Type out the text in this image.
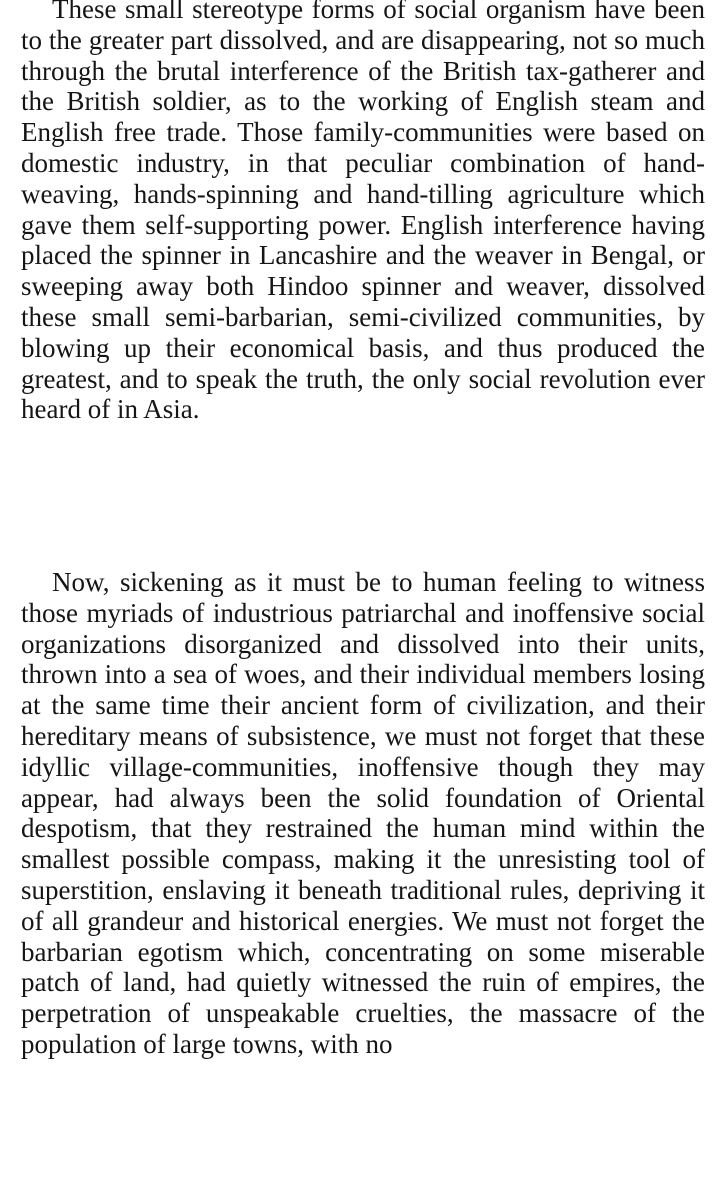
These small stereotype forms of social organism have been to the greater part dissolved, and are disappearing, not so much through the brutal interference of the British tax-gatherer and the British soldier, as to the working of English steam and English free trade. Those family-communities were based on domestic industry, in that peculiar combination of hand-weaving, hands-spinning and hand-tilling agriculture which gave them self-supporting power. English interference having placed the spinner in Lancashire and the weaver in Bengal, or sweeping away both Hindoo spinner and weaver, dissolved these small semi-barbarian, semi-civilized communities, by blowing up their economical basis, and thus produced the greatest, and to speak the truth, the only social revolution ever heard of in Asia.

Now, sickening as it must be to human feeling to witness those myriads of industrious patriarchal and inoffensive social organizations disorganized and dissolved into their units, thrown into a sea of woes, and their individual members losing at the same time their ancient form of civilization, and their hereditary means of subsistence, we must not forget that these idyllic village-communities, inoffensive though they may appear, had always been the solid foundation of Oriental despotism, that they restrained the human mind within the smallest possible compass, making it the unresisting tool of superstition, enslaving it beneath traditional rules, depriving it of all grandeur and historical energies. We must not forget the barbarian egotism which, concentrating on some miserable patch of land, had quietly witnessed the ruin of empires, the perpetration of unspeakable cruelties, the massacre of the population of large towns, with no
